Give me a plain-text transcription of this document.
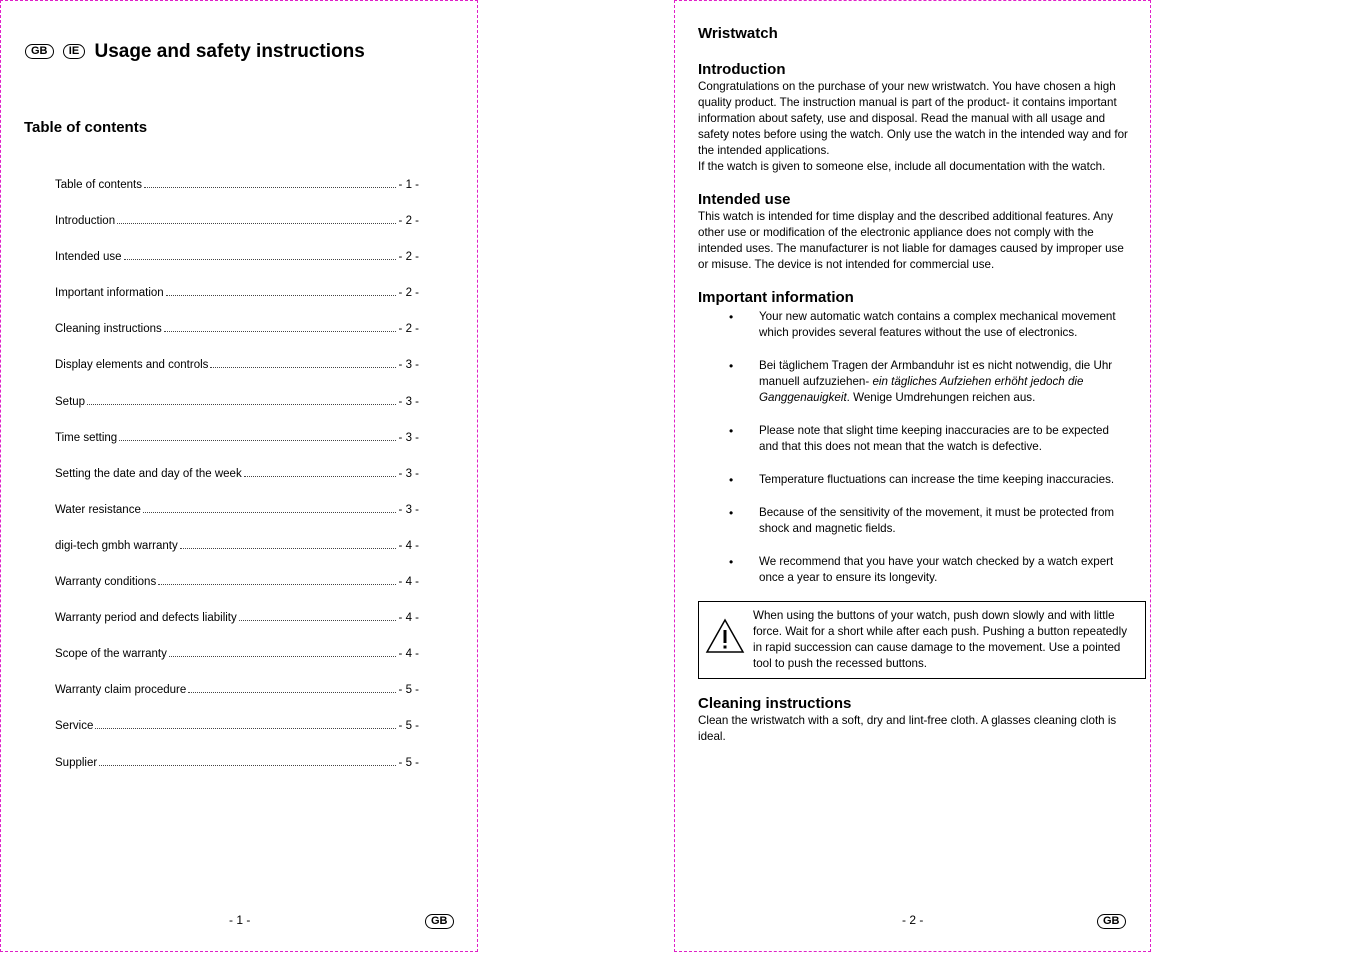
GB IE Usage and safety instructions
Table of contents
Table of contents	- 1 -
Introduction	- 2 -
Intended use	- 2 -
Important information	- 2 -
Cleaning instructions	- 2 -
Display elements and controls	- 3 -
Setup	- 3 -
Time setting	- 3 -
Setting the date and day of the week	- 3 -
Water resistance	- 3 -
digi-tech gmbh warranty	- 4 -
Warranty conditions	- 4 -
Warranty period and defects liability	- 4 -
Scope of the warranty	- 4 -
Warranty claim procedure	- 5 -
Service	- 5 -
Supplier	- 5 -
- 1 -	GB
Wristwatch
Introduction

Congratulations on the purchase of your new wristwatch. You have chosen a high quality product. The instruction manual is part of the product- it contains important information about safety, use and disposal. Read the manual with all usage and safety notes before using the watch. Only use the watch in the intended way and for the intended applications.

If the watch is given to someone else, include all documentation with the watch.

Intended use

This watch is intended for time display and the described additional features. Any other use or modification of the electronic appliance does not comply with the intended uses. The manufacturer is not liable for damages caused by improper use or misuse. The device is not intended for commercial use.

Important information
• Your new automatic watch contains a complex mechanical movement which provides several features without the use of electronics.
• Bei täglichem Tragen der Armbanduhr ist es nicht notwendig, die Uhr manuell aufzuziehen- ein tägliches Aufziehen erhöht jedoch die Ganggenauigkeit. Wenige Umdrehungen reichen aus.
• Please note that slight time keeping inaccuracies are to be expected and that this does not mean that the watch is defective.
• Temperature fluctuations can increase the time keeping inaccuracies.
• Because of the sensitivity of the movement, it must be protected from shock and magnetic fields.
• We recommend that you have your watch checked by a watch expert once a year to ensure its longevity.
When using the buttons of your watch, push down slowly and with little force. Wait for a short while after each push. Pushing a button repeatedly in rapid succession can cause damage to the movement. Use a pointed tool to push the recessed buttons.
Cleaning instructions

Clean the wristwatch with a soft, dry and lint-free cloth. A glasses cleaning cloth is ideal.

- 2 -	GB
